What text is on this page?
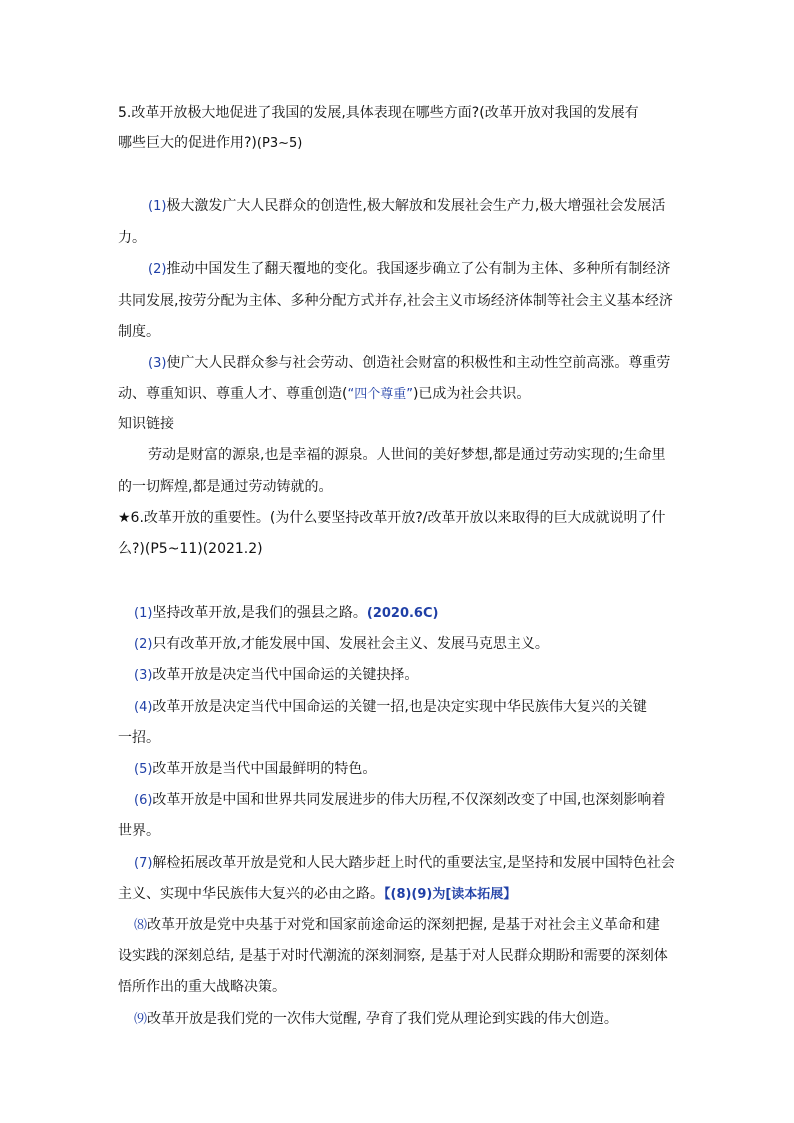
5.改革开放极大地促进了我国的发展,具体表现在哪些方面?(改革开放对我国的发展有
哪些巨大的促进作用?)(P3~5)
(1)极大激发广大人民群众的创造性,极大解放和发展社会生产力,极大增强社会发展活
力。
(2)推动中国发生了翻天覆地的变化。我国逐步确立了公有制为主体、多种所有制经济
共同发展,按劳分配为主体、多种分配方式并存,社会主义市场经济体制等社会主义基本经济
制度。
(3)使广大人民群众参与社会劳动、创造社会财富的积极性和主动性空前高涨。尊重劳
动、尊重知识、尊重人才、尊重创造(“四个尊重”)已成为社会共识。
知识链接
劳动是财富的源泉,也是幸福的源泉。人世间的美好梦想,都是通过劳动实现的;生命里
的一切辉煌,都是通过劳动铸就的。
★6.改革开放的重要性。(为什么要坚持改革开放?/改革开放以来取得的巨大成就说明了什
么?)(P5~11)(2021.2)
(1)坚持改革开放,是我们的强县之路。(2020.6C)
(2)只有改革开放,才能发展中国、发展社会主义、发展马克思主义。
(3)改革开放是决定当代中国命运的关键抉择。
(4)改革开放是决定当代中国命运的关键一招,也是决定实现中华民族伟大复兴的关键
一招。
(5)改革开放是当代中国最鲜明的特色。
(6)改革开放是中国和世界共同发展进步的伟大历程,不仅深刻改变了中国,也深刻影响着
世界。
(7)解检拓展改革开放是党和人民大踏步赶上时代的重要法宝,是坚持和发展中国特色社会
主义、实现中华民族伟大复兴的必由之路。【(8)(9)为[读本拓展】
⑻改革开放是党中央基于对党和国家前途命运的深刻把握, 是基于对社会主义革命和建
设实践的深刻总结, 是基于对时代潮流的深刻洞察, 是基于对人民群众期盼和需要的深刻体
悟所作出的重大战略决策。
⑼改革开放是我们党的一次伟大觉醒, 孕育了我们党从理论到实践的伟大创造。
